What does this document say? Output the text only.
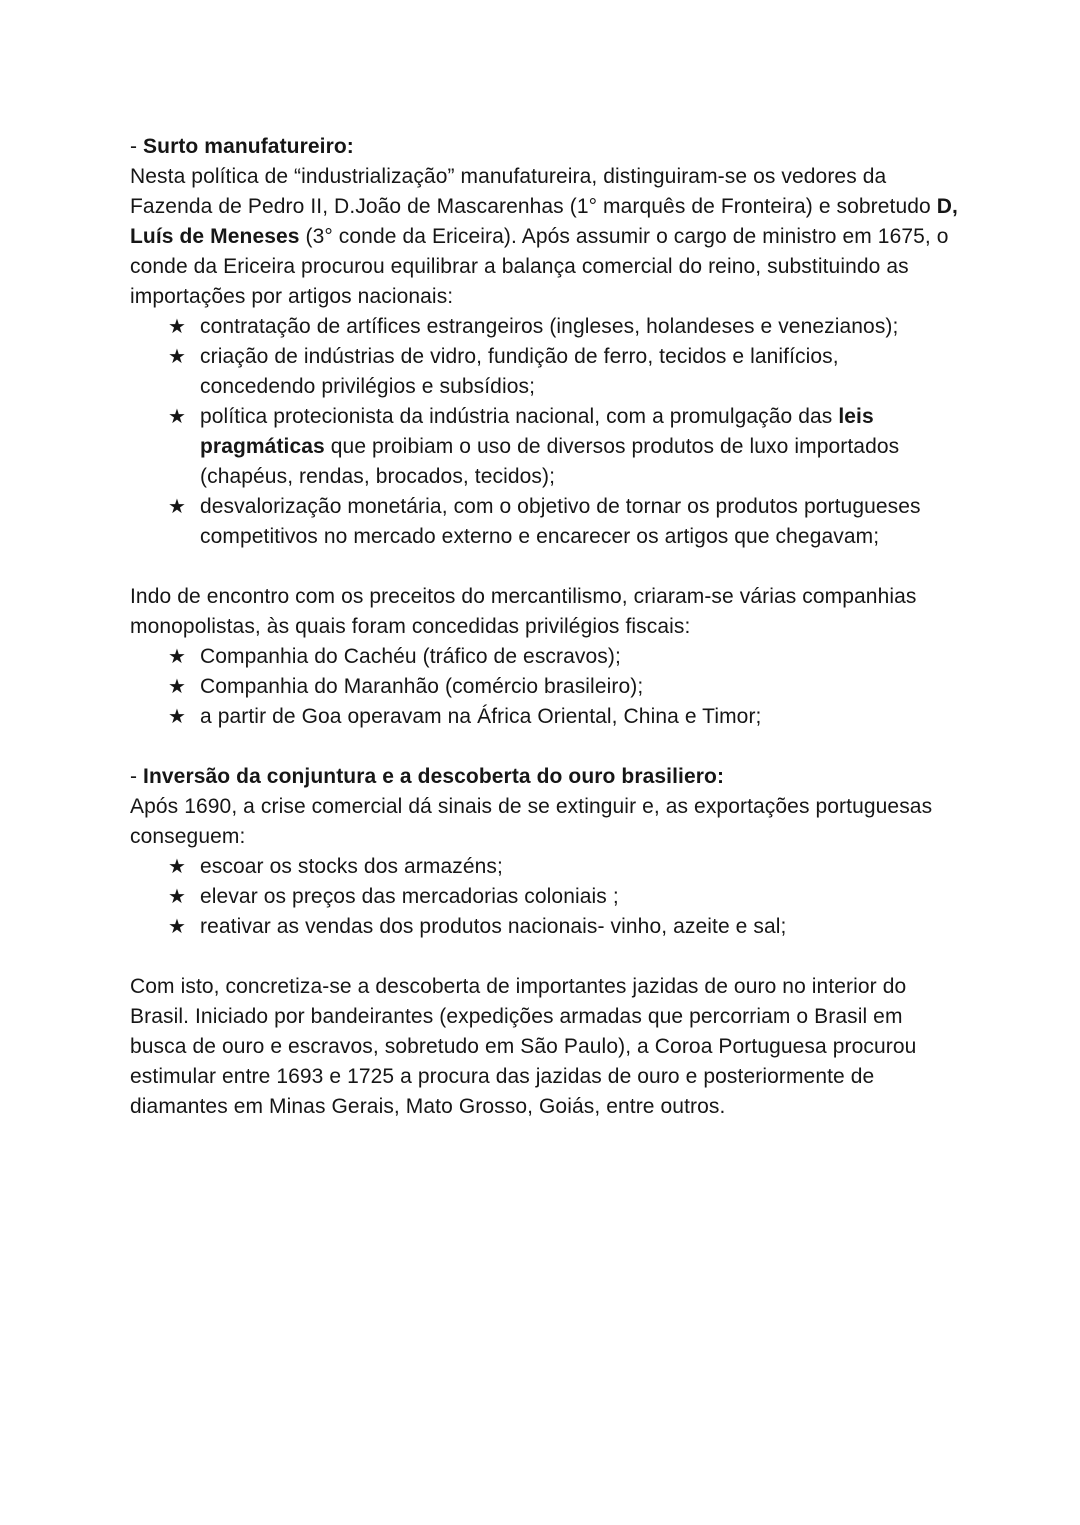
- Surto manufatureiro:
Nesta política de “industrialização” manufatureira, distinguiram-se os vedores da Fazenda de Pedro II, D.João de Mascarenhas (1° marquês de Fronteira) e sobretudo D, Luís de Meneses (3° conde da Ericeira). Após assumir o cargo de ministro em 1675, o conde da Ericeira procurou equilibrar a balança comercial do reino, substituindo as importações por artigos nacionais:
★ contratação de artífices estrangeiros (ingleses, holandeses e venezianos);
★ criação de indústrias de vidro, fundição de ferro, tecidos e lanifícios, concedendo privilégios e subsídios;
★ política protecionista da indústria nacional, com a promulgação das leis pragmáticas que proibiam o uso de diversos produtos de luxo importados (chapéus, rendas, brocados, tecidos);
★ desvalorização monetária, com o objetivo de tornar os produtos portugueses competitivos no mercado externo e encarecer os artigos que chegavam;
Indo de encontro com os preceitos do mercantilismo, criaram-se várias companhias monopolistas, às quais foram concedidas privilégios fiscais:
★ Companhia do Cachéu (tráfico de escravos);
★ Companhia do Maranhão (comércio brasileiro);
★ a partir de Goa operavam na África Oriental, China e Timor;
- Inversão da conjuntura e a descoberta do ouro brasiliero:
Após 1690, a crise comercial dá sinais de se extinguir e, as exportações portuguesas conseguem:
★ escoar os stocks dos armazéns;
★ elevar os preços das mercadorias coloniais ;
★ reativar as vendas dos produtos nacionais- vinho, azeite e sal;
Com isto, concretiza-se a descoberta de importantes jazidas de ouro no interior do Brasil. Iniciado por bandeirantes (expedições armadas que percorriam o Brasil em busca de ouro e escravos, sobretudo em São Paulo), a Coroa Portuguesa procurou estimular entre 1693 e 1725 a procura das jazidas de ouro e posteriormente de diamantes em Minas Gerais, Mato Grosso, Goiás, entre outros.
